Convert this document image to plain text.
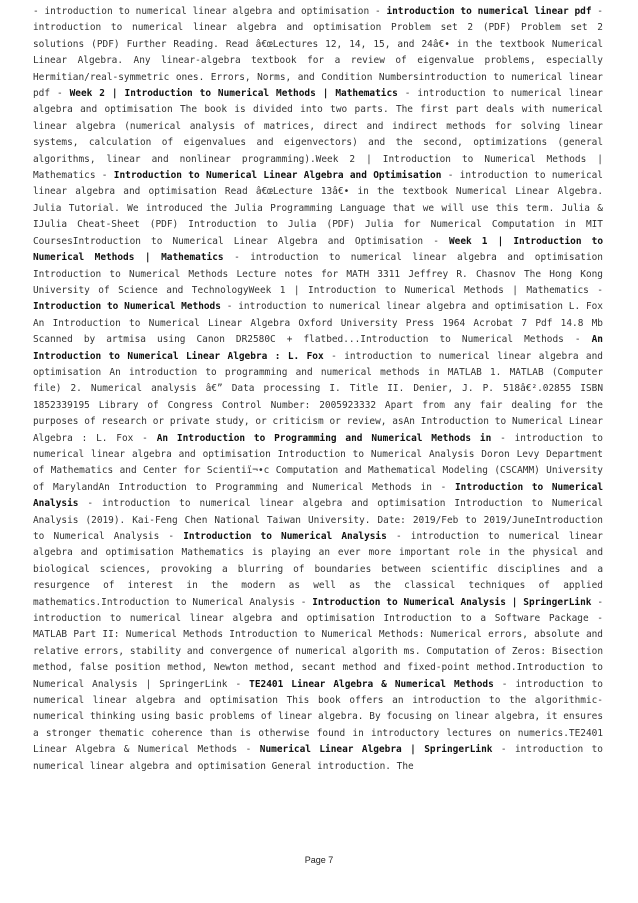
- introduction to numerical linear algebra and optimisation - introduction to numerical linear pdf - introduction to numerical linear algebra and optimisation Problem set 2 (PDF) Problem set 2 solutions (PDF) Further Reading. Read â€œLectures 12, 14, 15, and 24â€• in the textbook Numerical Linear Algebra. Any linear-algebra textbook for a review of eigenvalue problems, especially Hermitian/real-symmetric ones. Errors, Norms, and Condition Numbersintroduction to numerical linear pdf - Week 2 | Introduction to Numerical Methods | Mathematics - introduction to numerical linear algebra and optimisation The book is divided into two parts. The first part deals with numerical linear algebra (numerical analysis of matrices, direct and indirect methods for solving linear systems, calculation of eigenvalues and eigenvectors) and the second, optimizations (general algorithms, linear and nonlinear programming).Week 2 | Introduction to Numerical Methods | Mathematics - Introduction to Numerical Linear Algebra and Optimisation - introduction to numerical linear algebra and optimisation Read â€œLecture 13â€• in the textbook Numerical Linear Algebra. Julia Tutorial. We introduced the Julia Programming Language that we will use this term. Julia & IJulia Cheat-Sheet (PDF) Introduction to Julia (PDF) Julia for Numerical Computation in MIT CoursesIntroduction to Numerical Linear Algebra and Optimisation - Week 1 | Introduction to Numerical Methods | Mathematics - introduction to numerical linear algebra and optimisation Introduction to Numerical Methods Lecture notes for MATH 3311 Jeffrey R. Chasnov The Hong Kong University of Science and TechnologyWeek 1 | Introduction to Numerical Methods | Mathematics - Introduction to Numerical Methods - introduction to numerical linear algebra and optimisation L. Fox An Introduction to Numerical Linear Algebra Oxford University Press 1964 Acrobat 7 Pdf 14.8 Mb Scanned by artmisa using Canon DR2580C + flatbed...Introduction to Numerical Methods - An Introduction to Numerical Linear Algebra : L. Fox - introduction to numerical linear algebra and optimisation An introduction to programming and numerical methods in MATLAB 1. MATLAB (Computer file) 2. Numerical analysis â€” Data processing I. Title II. Denier, J. P. 518â€².02855 ISBN 1852339195 Library of Congress Control Number: 2005923332 Apart from any fair dealing for the purposes of research or private study, or criticism or review, asAn Introduction to Numerical Linear Algebra : L. Fox - An Introduction to Programming and Numerical Methods in - introduction to numerical linear algebra and optimisation Introduction to Numerical Analysis Doron Levy Department of Mathematics and Center for Scientiï¬•c Computation and Mathematical Modeling (CSCAMM) University of MarylandAn Introduction to Programming and Numerical Methods in - Introduction to Numerical Analysis - introduction to numerical linear algebra and optimisation Introduction to Numerical Analysis (2019). Kai-Feng Chen National Taiwan University. Date: 2019/Feb to 2019/JuneIntroduction to Numerical Analysis - Introduction to Numerical Analysis - introduction to numerical linear algebra and optimisation Mathematics is playing an ever more important role in the physical and biological sciences, provoking a blurring of boundaries between scientific disciplines and a resurgence of interest in the modern as well as the classical techniques of applied mathematics.Introduction to Numerical Analysis - Introduction to Numerical Analysis | SpringerLink - introduction to numerical linear algebra and optimisation Introduction to a Software Package - MATLAB Part II: Numerical Methods Introduction to Numerical Methods: Numerical errors, absolute and relative errors, stability and convergence of numerical algorith ms. Computation of Zeros: Bisection method, false position method, Newton method, secant method and fixed-point method.Introduction to Numerical Analysis | SpringerLink - TE2401 Linear Algebra & Numerical Methods - introduction to numerical linear algebra and optimisation This book offers an introduction to the algorithmic-numerical thinking using basic problems of linear algebra. By focusing on linear algebra, it ensures a stronger thematic coherence than is otherwise found in introductory lectures on numerics.TE2401 Linear Algebra & Numerical Methods - Numerical Linear Algebra | SpringerLink - introduction to numerical linear algebra and optimisation General introduction. The

Page 7
